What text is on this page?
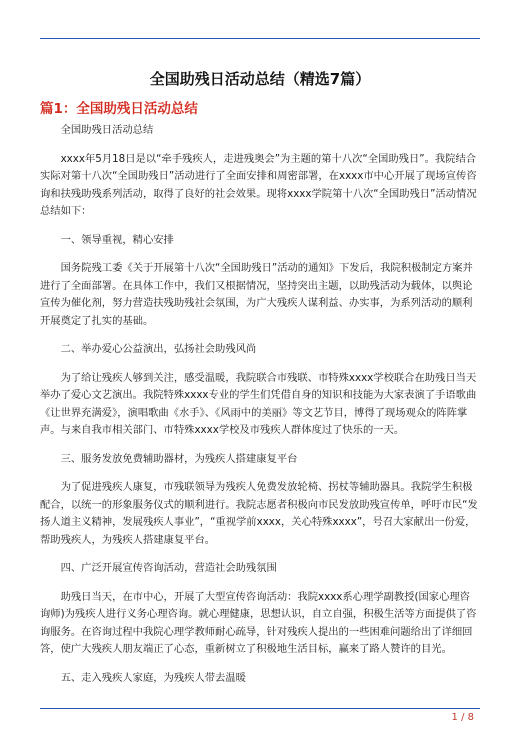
全国助残日活动总结（精选7篇）
篇1：全国助残日活动总结

全国助残日活动总结

xxxx年5月18日是以“牵手残疾人，走进残奥会”为主题的第十八次“全国助残日”。我院结合实际对第十八次“全国助残日”活动进行了全面安排和周密部署，在xxxx市中心开展了现场宣传咨询和扶残助残系列活动，取得了良好的社会效果。现将xxxx学院第十八次“全国助残日”活动情况总结如下：

一、领导重视，精心安排

国务院残工委《关于开展第十八次“全国助残日”活动的通知》下发后，我院积极制定方案并进行了全面部署。在具体工作中，我们又根据情况，坚持突出主题，以助残活动为载体，以舆论宣传为催化剂，努力营造扶残助残社会氛围，为广大残疾人谋利益、办实事，为系列活动的顺利开展奠定了扎实的基础。

二、举办爱心公益演出，弘扬社会助残风尚

为了给让残疾人够到关注，感受温暖，我院联合市残联、市特殊xxxx学校联合在助残日当天举办了爱心文艺演出。我院特殊xxxx专业的学生们凭借自身的知识和技能为大家表演了手语歌曲《让世界充满爱》，演唱歌曲《水手》、《风雨中的美丽》等文艺节目，博得了现场观众的阵阵掌声。与来自我市相关部门、市特殊xxxx学校及市残疾人群体度过了快乐的一天。

三、服务发放免费辅助器材，为残疾人搭建康复平台

为了促进残疾人康复，市残联领导为残疾人免费发放轮椅、拐杖等辅助器具。我院学生积极配合，以统一的形象服务仪式的顺利进行。我院志愿者积极向市民发放助残宣传单，呼吁市民“发扬人道主义精神，发展残疾人事业”，“重视学前xxxx，关心特殊xxxx”，号召大家献出一份爱，帮助残疾人，为残疾人搭建康复平台。

四、广泛开展宣传咨询活动，营造社会助残氛围

助残日当天，在市中心，开展了大型宣传咨询活动：我院xxxx系心理学副教授(国家心理咨询师)为残疾人进行义务心理咨询。就心理健康，思想认识，自立自强，积极生活等方面提供了咨询服务。在咨询过程中我院心理学教师耐心疏导，针对残疾人提出的一些困难问题给出了详细回答，使广大残疾人朋友端正了心态，重新树立了积极地生活目标，赢来了路人赞许的目光。

五、走入残疾人家庭，为残疾人带去温暖

1 / 8
